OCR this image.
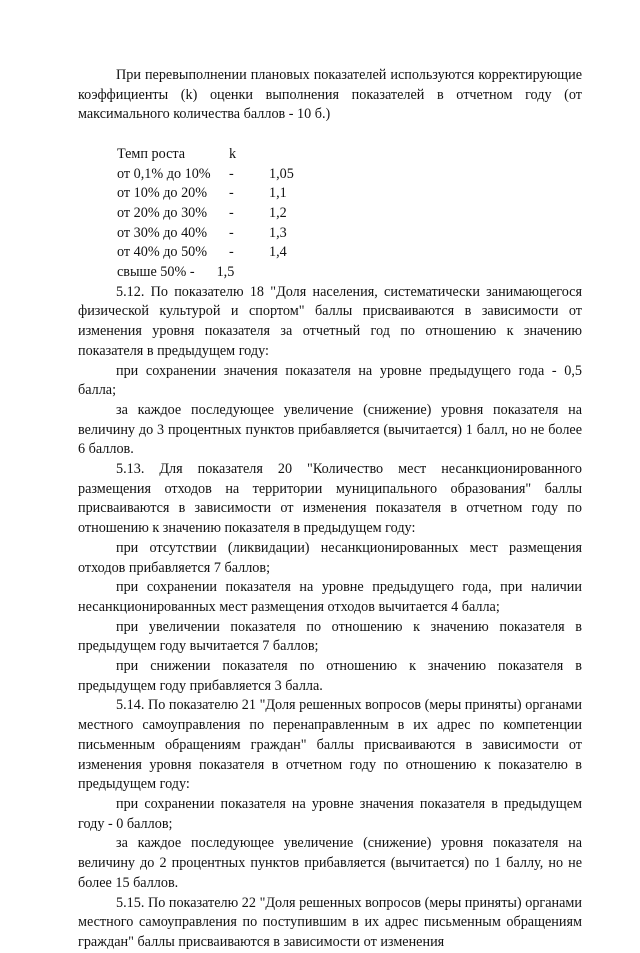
При перевыполнении плановых показателей используются корректирующие коэффициенты (k) оценки выполнения показателей в отчетном году (от максимального количества баллов - 10 б.)

Темп роста	k	
от 0,1% до 10%	-	1,05
от 10% до 20%	-	1,1
от 20% до 30%	-	1,2
от 30% до 40%	-	1,3
от 40% до 50%	-	1,4
свыше 50% - 1,5		

5.12. По показателю 18 "Доля населения, систематически занимающегося физической культурой и спортом" баллы присваиваются в зависимости от изменения уровня показателя за отчетный год по отношению к значению показателя в предыдущем году:

при сохранении значения показателя на уровне предыдущего года - 0,5 балла;

за каждое последующее увеличение (снижение) уровня показателя на величину до 3 процентных пунктов прибавляется (вычитается) 1 балл, но не более 6 баллов.

5.13. Для показателя 20 "Количество мест несанкционированного размещения отходов на территории муниципального образования" баллы присваиваются в зависимости от изменения показателя в отчетном году по отношению к значению показателя в предыдущем году:

при отсутствии (ликвидации) несанкционированных мест размещения отходов прибавляется 7 баллов;

при сохранении показателя на уровне предыдущего года, при наличии несанкционированных мест размещения отходов вычитается 4 балла;

при увеличении показателя по отношению к значению показателя в предыдущем году вычитается 7 баллов;

при снижении показателя по отношению к значению показателя в предыдущем году прибавляется 3 балла.

5.14. По показателю 21 "Доля решенных вопросов (меры приняты) органами местного самоуправления по перенаправленным в их адрес по компетенции письменным обращениям граждан" баллы присваиваются в зависимости от изменения уровня показателя в отчетном году по отношению к показателю в предыдущем году:

при сохранении показателя на уровне значения показателя в предыдущем году - 0 баллов;

за каждое последующее увеличение (снижение) уровня показателя на величину до 2 процентных пунктов прибавляется (вычитается) по 1 баллу, но не более 15 баллов.

5.15. По показателю 22 "Доля решенных вопросов (меры приняты) органами местного самоуправления по поступившим в их адрес письменным обращениям граждан" баллы присваиваются в зависимости от изменения
